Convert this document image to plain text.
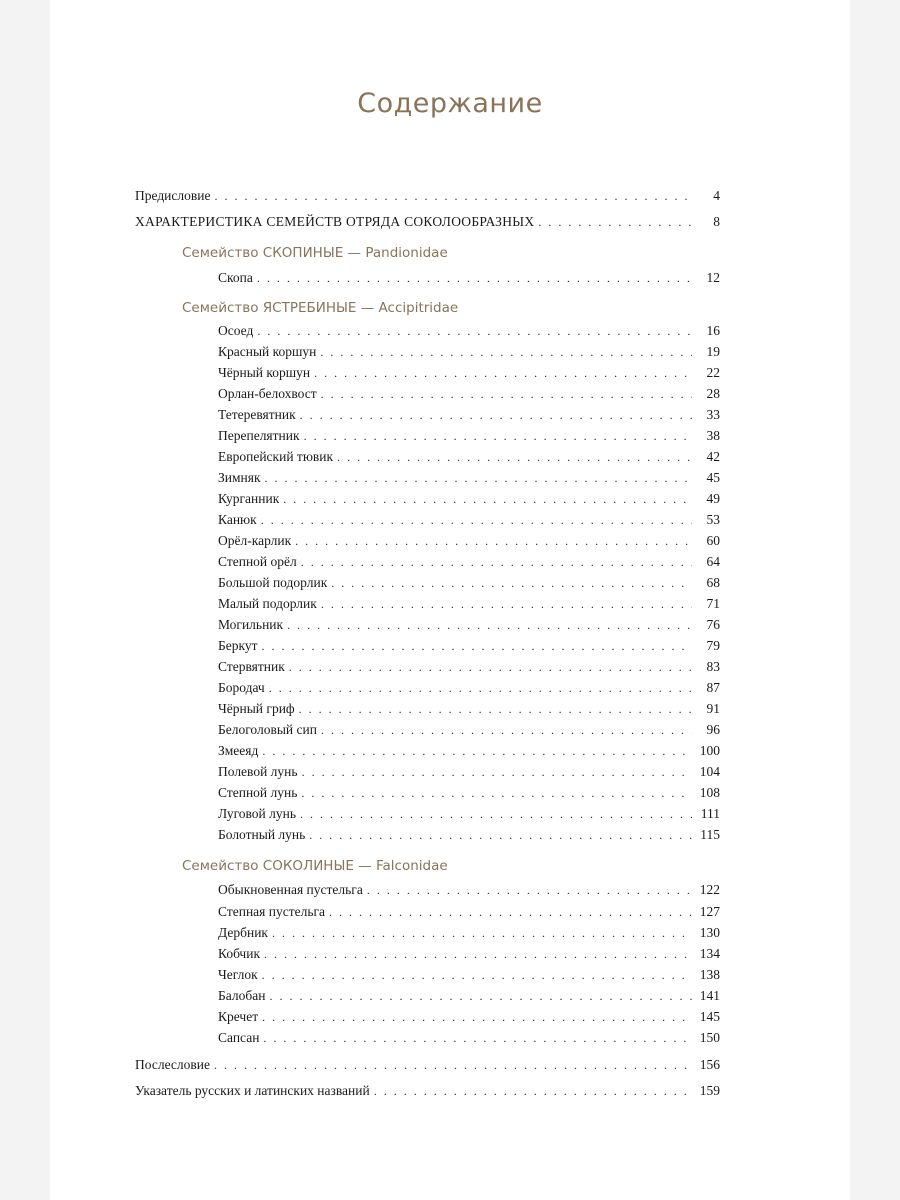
Содержание
Предисловие . . .	4
ХАРАКТЕРИСТИКА СЕМЕЙСТВ ОТРЯДА СОКОЛООБРАЗНЫХ . . .	8
Семейство СКОПИНЫЕ — Pandionidae
Скопа . . .	12
Семейство ЯСТРЕБИНЫЕ — Accipitridae
Осоед . . .	16
Красный коршун . . .	19
Чёрный коршун . . .	22
Орлан-белохвост . . .	28
Тетеревятник . . .	33
Перепелятник . . .	38
Европейский тювик . . .	42
Зимняк . . .	45
Курганник . . .	49
Канюк . . .	53
Орёл-карлик . . .	60
Степной орёл . . .	64
Большой подорлик . . .	68
Малый подорлик . . .	71
Могильник . . .	76
Беркут . . .	79
Стервятник . . .	83
Бородач . . .	87
Чёрный гриф . . .	91
Белоголовый сип . . .	96
Змееяд . . .	100
Полевой лунь . . .	104
Степной лунь . . .	108
Луговой лунь . . .	111
Болотный лунь . . .	115
Семейство СОКОЛИНЫЕ — Falconidae
Обыкновенная пустельга . . .	122
Степная пустельга . . .	127
Дербник . . .	130
Кобчик . . .	134
Чеглок . . .	138
Балобан . . .	141
Кречет . . .	145
Сапсан . . .	150
Послесловие . . .	156
Указатель русских и латинских названий . . .	159
